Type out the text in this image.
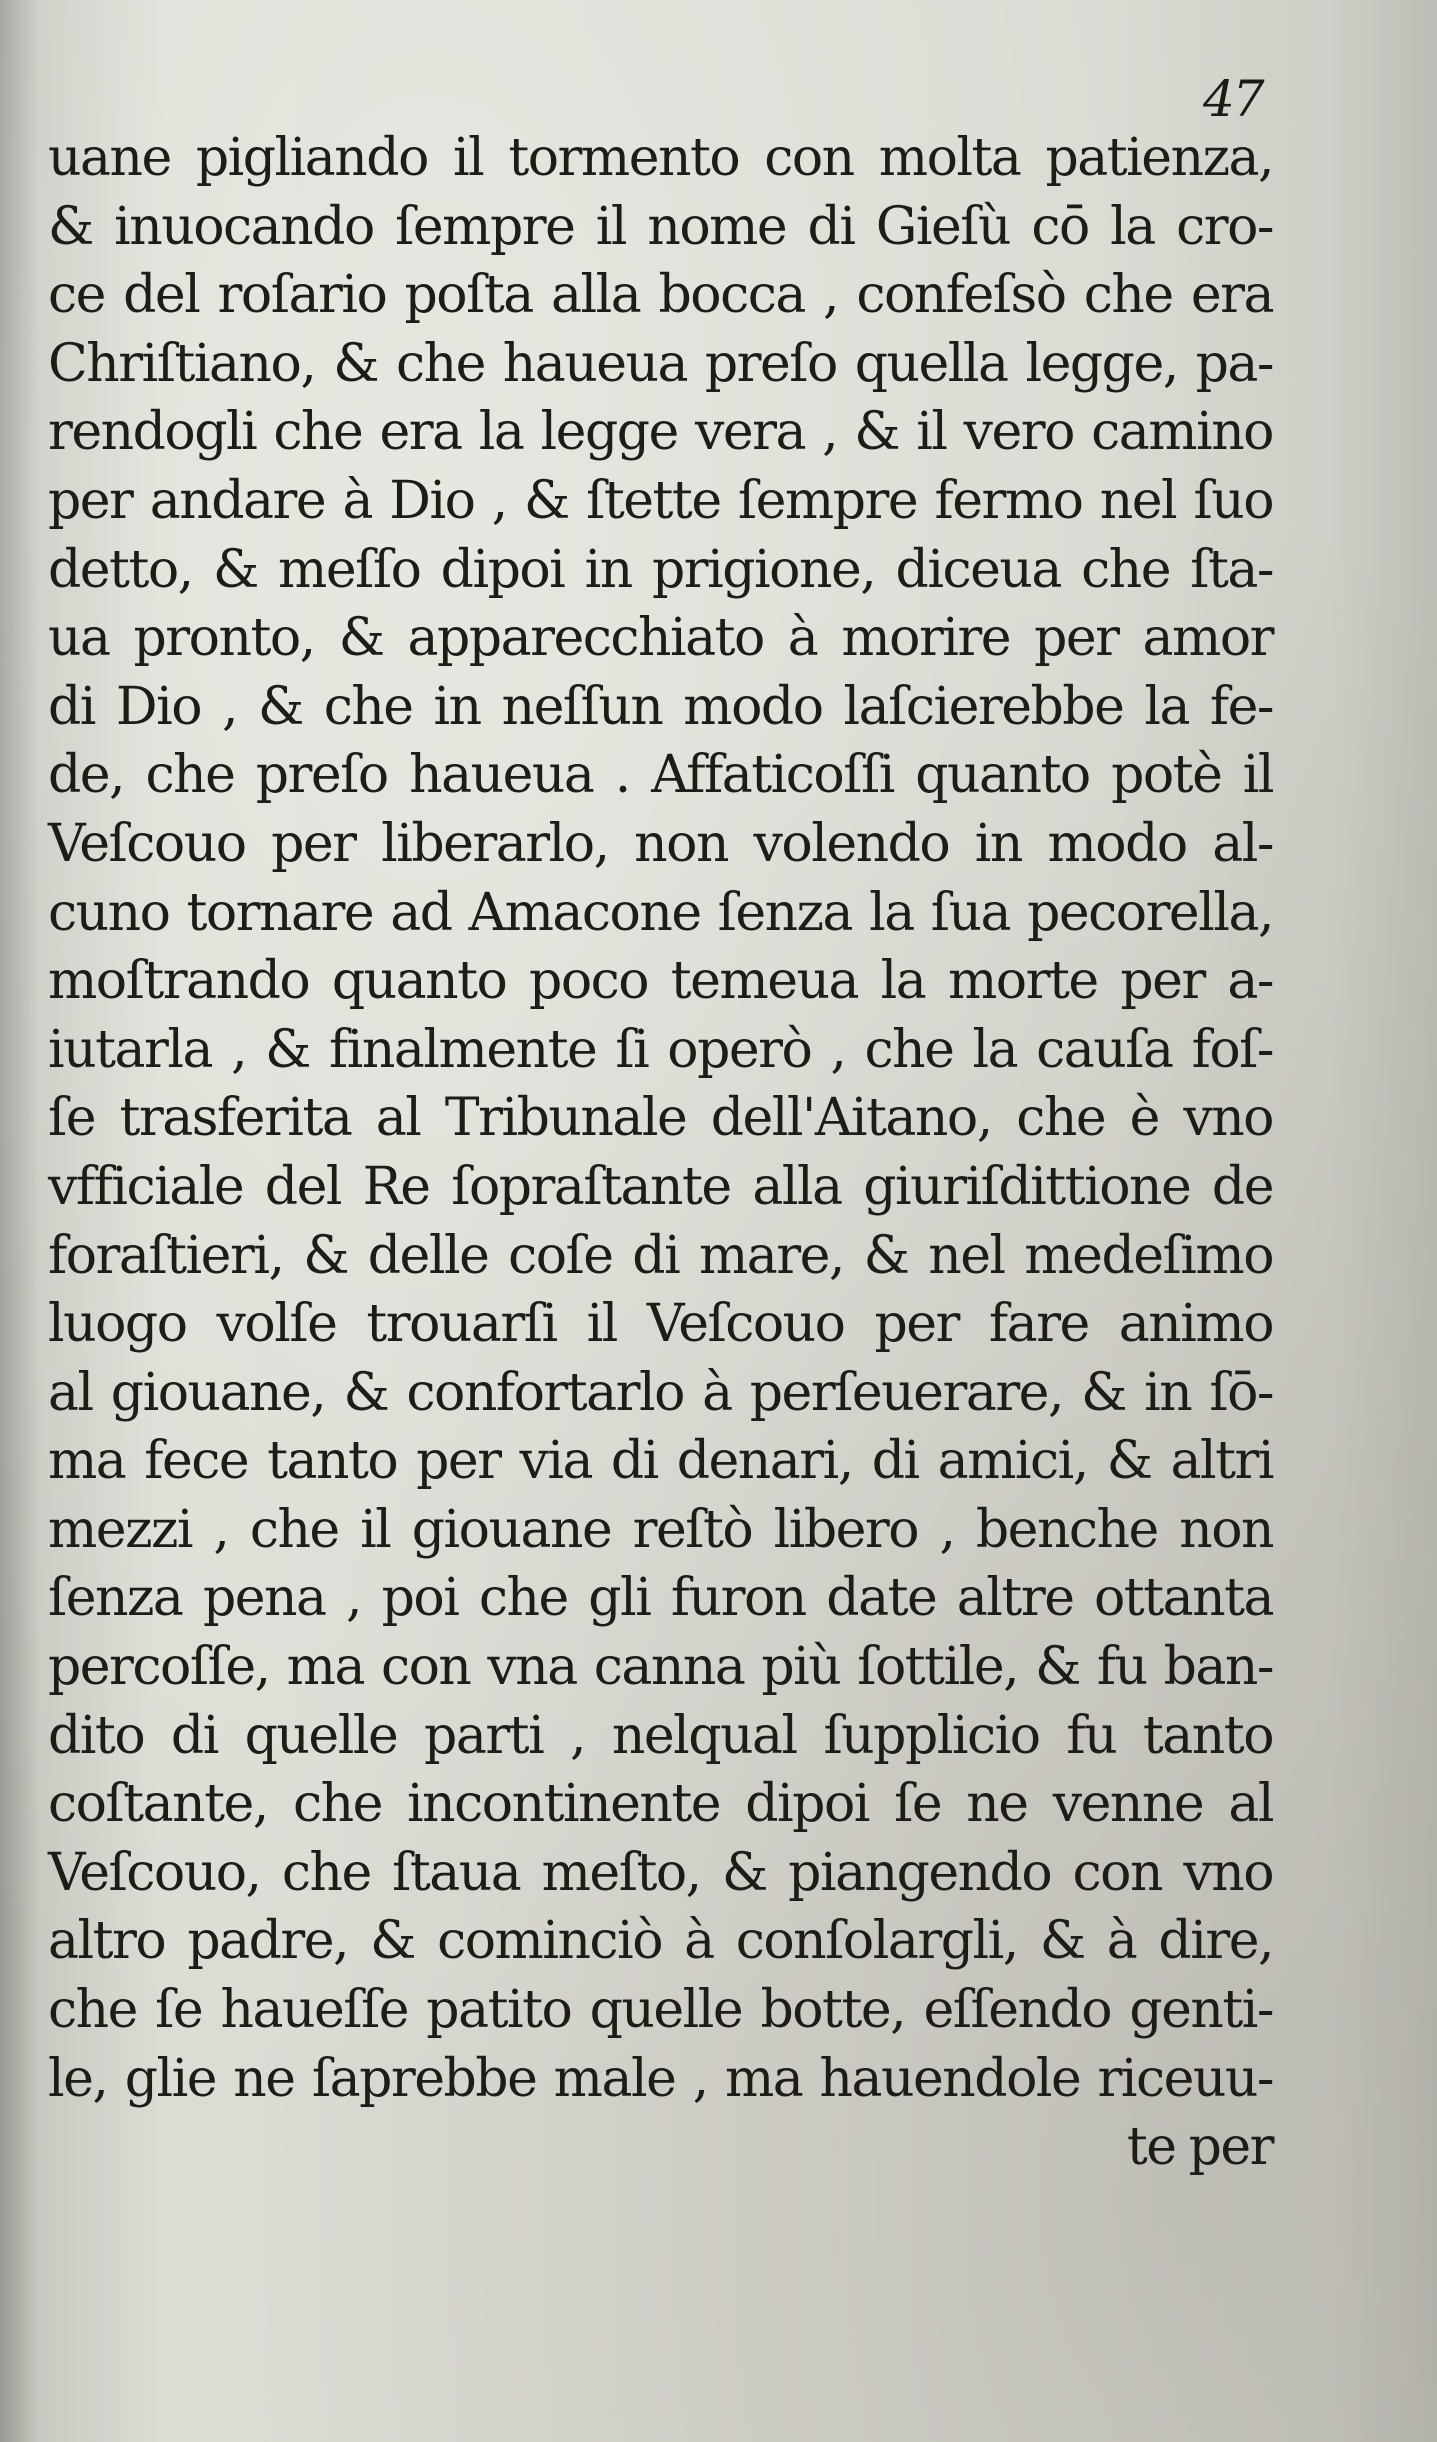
47
uane pigliando il tormento con molta patienza,
& inuocando ſempre il nome di Gieſù cō la cro-
ce del roſario poſta alla bocca , confeſsò che era
Chriſtiano, & che haueua preſo quella legge, pa-
rendogli che era la legge vera , & il vero camino
per andare à Dio , & ſtette ſempre fermo nel ſuo
detto, & meſſo dipoi in prigione, diceua che ſta-
ua pronto, & apparecchiato à morire per amor
di Dio , & che in neſſun modo laſcierebbe la fe-
de, che preſo haueua . Affaticoſſi quanto potè il
Veſcouo per liberarlo, non volendo in modo al-
cuno tornare ad Amacone ſenza la ſua pecorella,
moſtrando quanto poco temeua la morte per a-
iutarla , & finalmente ſi operò , che la cauſa foſ-
ſe trasferita al Tribunale dell'Aitano, che è vno
vfficiale del Re ſopraſtante alla giuriſdittione de
foraſtieri, & delle coſe di mare, & nel medeſimo
luogo volſe trouarſi il Veſcouo per fare animo
al giouane, & confortarlo à perſeuerare, & in ſō-
ma fece tanto per via di denari, di amici, & altri
mezzi , che il giouane reſtò libero , benche non
ſenza pena , poi che gli furon date altre ottanta
percoſſe, ma con vna canna più ſottile, & fu ban-
dito di quelle parti , nelqual ſupplicio fu tanto
coſtante, che incontinente dipoi ſe ne venne al
Veſcouo, che ſtaua meſto, & piangendo con vno
altro padre, & cominciò à conſolargli, & à dire,
che ſe haueſſe patito quelle botte, eſſendo genti-
le, glie ne ſaprebbe male , ma hauendole riceuu-
te per
